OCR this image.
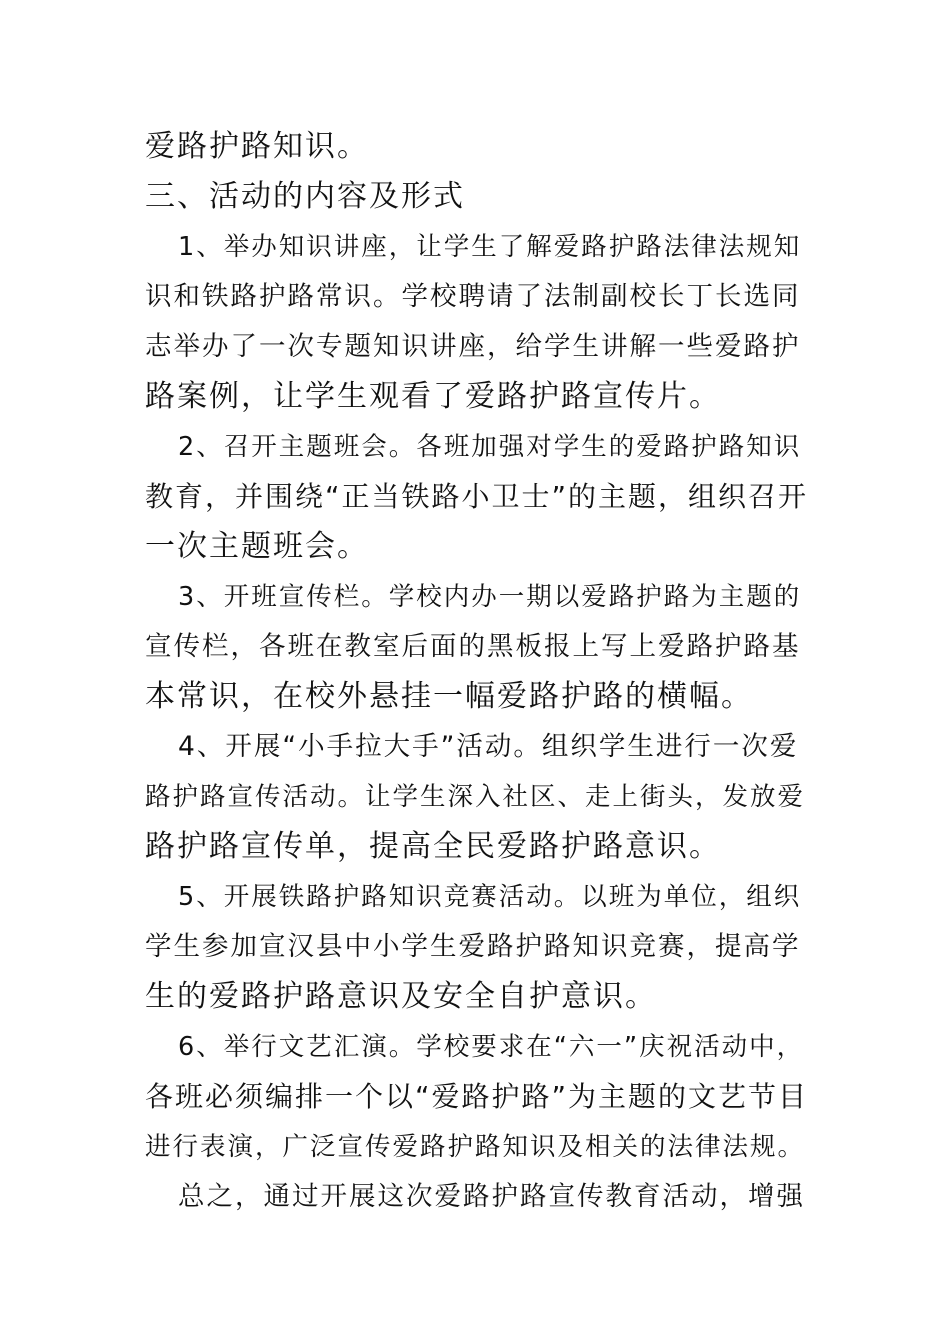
爱路护路知识。

三、活动的内容及形式

1、举办知识讲座，让学生了解爱路护路法律法规知

识和铁路护路常识。学校聘请了法制副校长丁长选同

志举办了一次专题知识讲座，给学生讲解一些爱路护

路案例，让学生观看了爱路护路宣传片。

2、召开主题班会。各班加强对学生的爱路护路知识

教育，并围绕“正当铁路小卫士”的主题，组织召开

一次主题班会。

3、开班宣传栏。学校内办一期以爱路护路为主题的

宣传栏，各班在教室后面的黑板报上写上爱路护路基

本常识，在校外悬挂一幅爱路护路的横幅。

4、开展“小手拉大手”活动。组织学生进行一次爱

路护路宣传活动。让学生深入社区、走上街头，发放爱

路护路宣传单，提高全民爱路护路意识。

5、开展铁路护路知识竞赛活动。以班为单位，组织

学生参加宣汉县中小学生爱路护路知识竞赛，提高学

生的爱路护路意识及安全自护意识。

6、举行文艺汇演。学校要求在“六一”庆祝活动中，

各班必须编排一个以“爱路护路”为主题的文艺节目

进行表演，广泛宣传爱路护路知识及相关的法律法规。

总之，通过开展这次爱路护路宣传教育活动，增强
